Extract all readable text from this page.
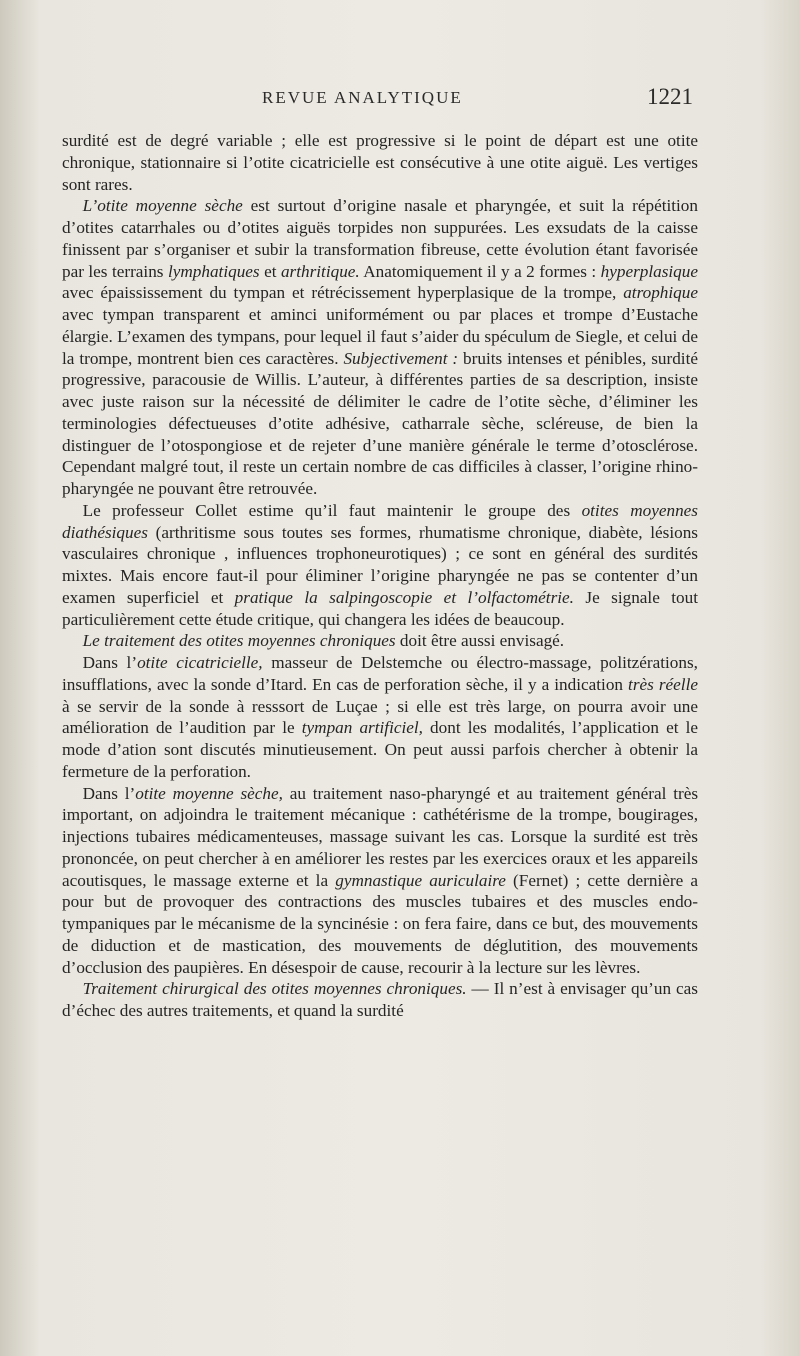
REVUE ANALYTIQUE	1221

surdité est de degré variable ; elle est progressive si le point de départ est une otite chronique, stationnaire si l’otite cicatricielle est consécutive à une otite aiguë. Les vertiges sont rares.

L’otite moyenne sèche est surtout d’origine nasale et pharyngée, et suit la répétition d’otites catarrhales ou d’otites aiguës torpides non suppurées. Les exsudats de la caisse finissent par s’organiser et subir la transformation fibreuse, cette évolution étant favorisée par les terrains lymphatiques et arthritique. Anatomiquement il y a 2 formes : hyperplasique avec épaississement du tympan et rétrécissement hyperplasique de la trompe, atrophique avec tympan transparent et aminci uniformément ou par places et trompe d’Eustache élargie. L’examen des tympans, pour lequel il faut s’aider du spéculum de Siegle, et celui de la trompe, montrent bien ces caractères. Subjectivement : bruits intenses et pénibles, surdité progressive, paracousie de Willis. L’auteur, à différentes parties de sa description, insiste avec juste raison sur la nécessité de délimiter le cadre de l’otite sèche, d’éliminer les terminologies défectueuses d’otite adhésive, catharrale sèche, scléreuse, de bien la distinguer de l’otospongiose et de rejeter d’une manière générale le terme d’otosclérose. Cependant malgré tout, il reste un certain nombre de cas difficiles à classer, l’origine rhino-pharyngée ne pouvant être retrouvée.

Le professeur Collet estime qu’il faut maintenir le groupe des otites moyennes diathésiques (arthritisme sous toutes ses formes, rhumatisme chronique, diabète, lésions vasculaires chronique , influences trophoneurotiques) ; ce sont en général des surdités mixtes. Mais encore faut-il pour éliminer l’origine pharyngée ne pas se contenter d’un examen superficiel et pratique la salpingoscopie et l’olfactométrie. Je signale tout particulièrement cette étude critique, qui changera les idées de beaucoup.

Le traitement des otites moyennes chroniques doit être aussi envisagé.

Dans l’otite cicatricielle, masseur de Delstemche ou électro-massage, politzérations, insufflations, avec la sonde d’Itard. En cas de perforation sèche, il y a indication très réelle à se servir de la sonde à resssort de Luçae ; si elle est très large, on pourra avoir une amélioration de l’audition par le tympan artificiel, dont les modalités, l’application et le mode d’ation sont discutés minutieusement. On peut aussi parfois chercher à obtenir la fermeture de la perforation.

Dans l’otite moyenne sèche, au traitement naso-pharyngé et au traitement général très important, on adjoindra le traitement mécanique : cathétérisme de la trompe, bougirages, injections tubaires médicamenteuses, massage suivant les cas. Lorsque la surdité est très prononcée, on peut chercher à en améliorer les restes par les exercices oraux et les appareils acoutisques, le massage externe et la gymnastique auriculaire (Fernet) ; cette dernière a pour but de provoquer des contractions des muscles tubaires et des muscles endo-tympaniques par le mécanisme de la syncinésie : on fera faire, dans ce but, des mouvements de diduction et de mastication, des mouvements de déglutition, des mouvements d’occlusion des paupières. En désespoir de cause, recourir à la lecture sur les lèvres.

Traitement chirurgical des otites moyennes chroniques. — Il n’est à envisager qu’un cas d’échec des autres traitements, et quand la surdité
